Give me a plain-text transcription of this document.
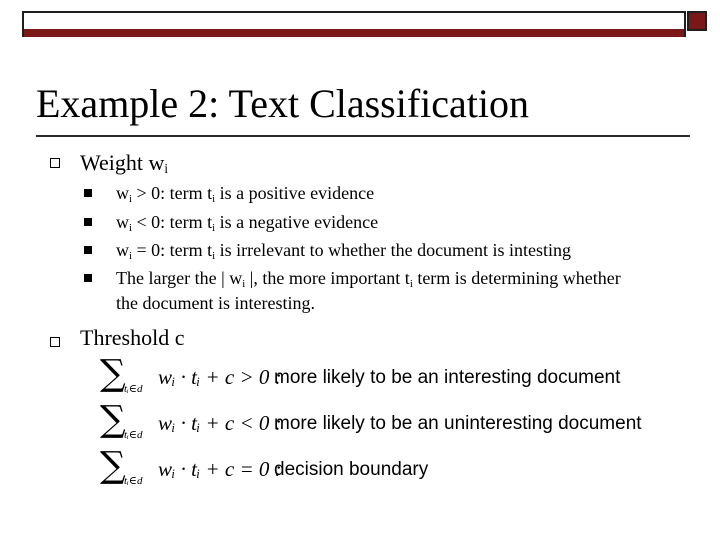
Example 2: Text Classification
Weight $w_i$
$w_i > 0$: term $t_i$ is a positive evidence
$w_i < 0$: term $t_i$ is a negative evidence
$w_i = 0$: term $t_i$ is irrelevant to whether the document is intesting
The larger the | $w_i$ |, the more important $t_i$ term is determining whether
the document is interesting.
Threshold c
∑
tᵢ∈d wᵢ · tᵢ + c > 0 :
more likely to be an interesting document
∑
tᵢ∈d wᵢ · tᵢ + c < 0 :
more likely to be an uninteresting document
∑
tᵢ∈d wᵢ · tᵢ + c = 0 :
decision boundary
